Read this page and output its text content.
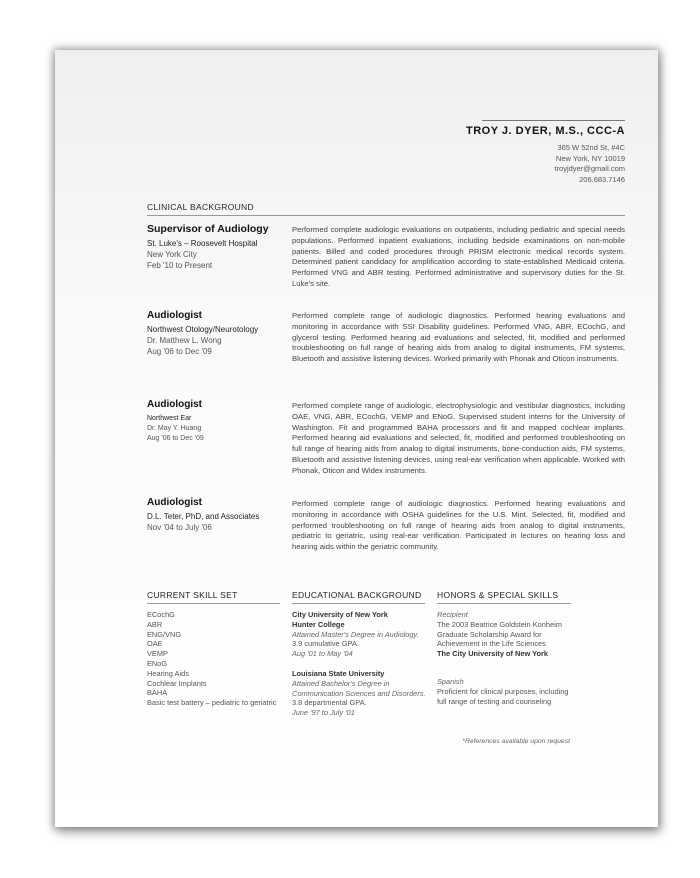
TROY J. DYER, M.S., CCC-A
365 W 52nd St, #4C
New York, NY 10019
troyjdyer@gmail.com
206.683.7146
CLINICAL BACKGROUND
Supervisor of Audiology
St. Luke's – Roosevelt Hospital
New York City
Feb '10 to Present
Performed complete audiologic evaluations on outpatients, including pediatric and special needs populations. Performed inpatient evaluations, including bedside examinations on non-mobile patients. Billed and coded procedures through PRISM electronic medical records system. Determined patient candidacy for amplification according to state-established Medicaid criteria. Performed VNG and ABR testing. Performed administrative and supervisory duties for the St. Luke's site.
Audiologist
Northwest Otology/Neurotology
Dr. Matthew L. Wong
Aug '06 to Dec '09
Performed complete range of audiologic diagnostics. Performed hearing evaluations and monitoring in accordance with SSI Disability guidelines. Performed VNG, ABR, ECochG, and glycerol testing. Performed hearing aid evaluations and selected, fit, modified and performed troubleshooting on full range of hearing aids from analog to digital instruments, FM systems, Bluetooth and assistive listening devices. Worked primarily with Phonak and Oticon instruments.
Audiologist
Northwest Ear
Dr. May Y. Huang
Aug '06 to Dec '09
Performed complete range of audiologic, electrophysiologic and vestibular diagnostics, including OAE, VNG, ABR, ECochG, VEMP and ENoG. Supervised student interns for the University of Washington. Fit and programmed BAHA processors and fit and mapped cochlear implants. Performed hearing aid evaluations and selected, fit, modified and performed troubleshooting on full range of hearing aids from analog to digital instruments, bone-conduction aids, FM systems, Bluetooth and assistive listening devices, using real-ear verification when applicable. Worked with Phonak, Oticon and Widex instruments.
Audiologist
D.L. Teter, PhD, and Associates
Nov '04 to July '06
Performed complete range of audiologic diagnostics. Performed hearing evaluations and monitoring in accordance with OSHA guidelines for the U.S. Mint. Selected, fit, modified and performed troubleshooting on full range of hearing aids from analog to digital instruments, pediatric to geriatric, using real-ear verification. Participated in lectures on hearing loss and hearing aids within the geriatric community.
CURRENT SKILL SET
ECochG
ABR
ENG/VNG
OAE
VEMP
ENoG
Hearing Aids
Cochlear Implants
BAHA
Basic test battery – pediatric to geriatric
EDUCATIONAL BACKGROUND
City University of New York
Hunter College
Attained Master's Degree in Audiology.
3.9 cumulative GPA.
Aug '01 to May '04
Louisiana State University
Attained Bachelor's Degree in
Communication Sciences and Disorders.
3.8 departmental GPA.
June '97 to July '01
HONORS & SPECIAL SKILLS
Recipient
The 2003 Beatrice Goldstein Konheim
Graduate Scholarship Award for
Achievement in the Life Sciences
The City University of New York
Spanish
Proficient for clinical purposes, including
full range of testing and counseling
*References available upon request
